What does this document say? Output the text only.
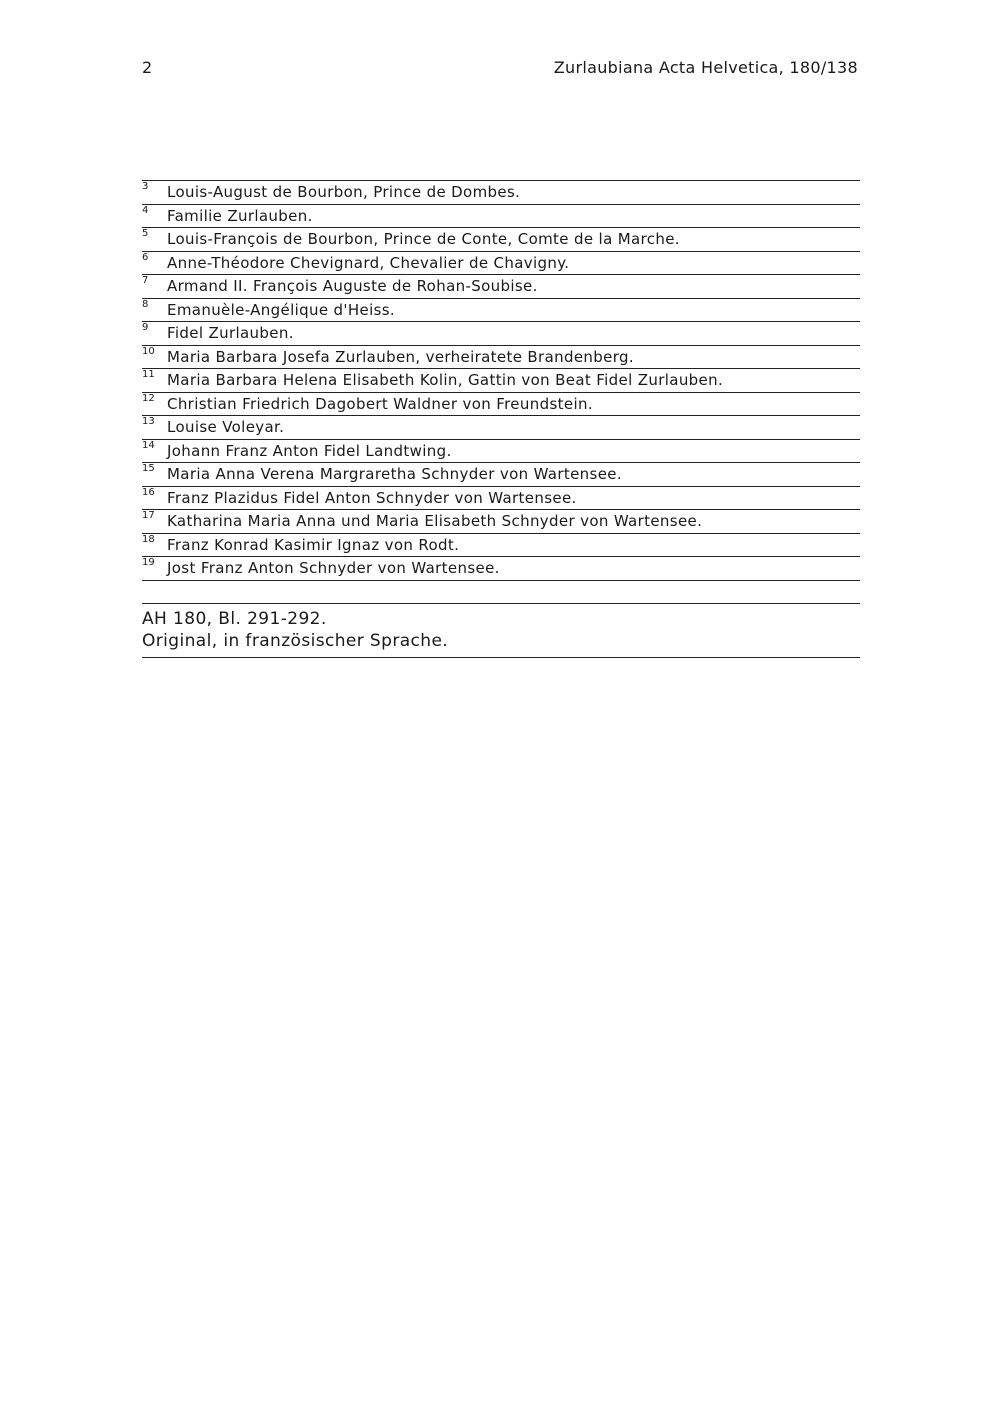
2	Zurlaubiana Acta Helvetica, 180/138
3 Louis-August de Bourbon, Prince de Dombes.
4 Familie Zurlauben.
5 Louis-François de Bourbon, Prince de Conte, Comte de la Marche.
6 Anne-Théodore Chevignard, Chevalier de Chavigny.
7 Armand II. François Auguste de Rohan-Soubise.
8 Emanuèle-Angélique d'Heiss.
9 Fidel Zurlauben.
10 Maria Barbara Josefa Zurlauben, verheiratete Brandenberg.
11 Maria Barbara Helena Elisabeth Kolin, Gattin von Beat Fidel Zurlauben.
12 Christian Friedrich Dagobert Waldner von Freundstein.
13 Louise Voleyar.
14 Johann Franz Anton Fidel Landtwing.
15 Maria Anna Verena Margraretha Schnyder von Wartensee.
16 Franz Plazidus Fidel Anton Schnyder von Wartensee.
17 Katharina Maria Anna und Maria Elisabeth Schnyder von Wartensee.
18 Franz Konrad Kasimir Ignaz von Rodt.
19 Jost Franz Anton Schnyder von Wartensee.
AH 180, Bl. 291-292.
Original, in französischer Sprache.
